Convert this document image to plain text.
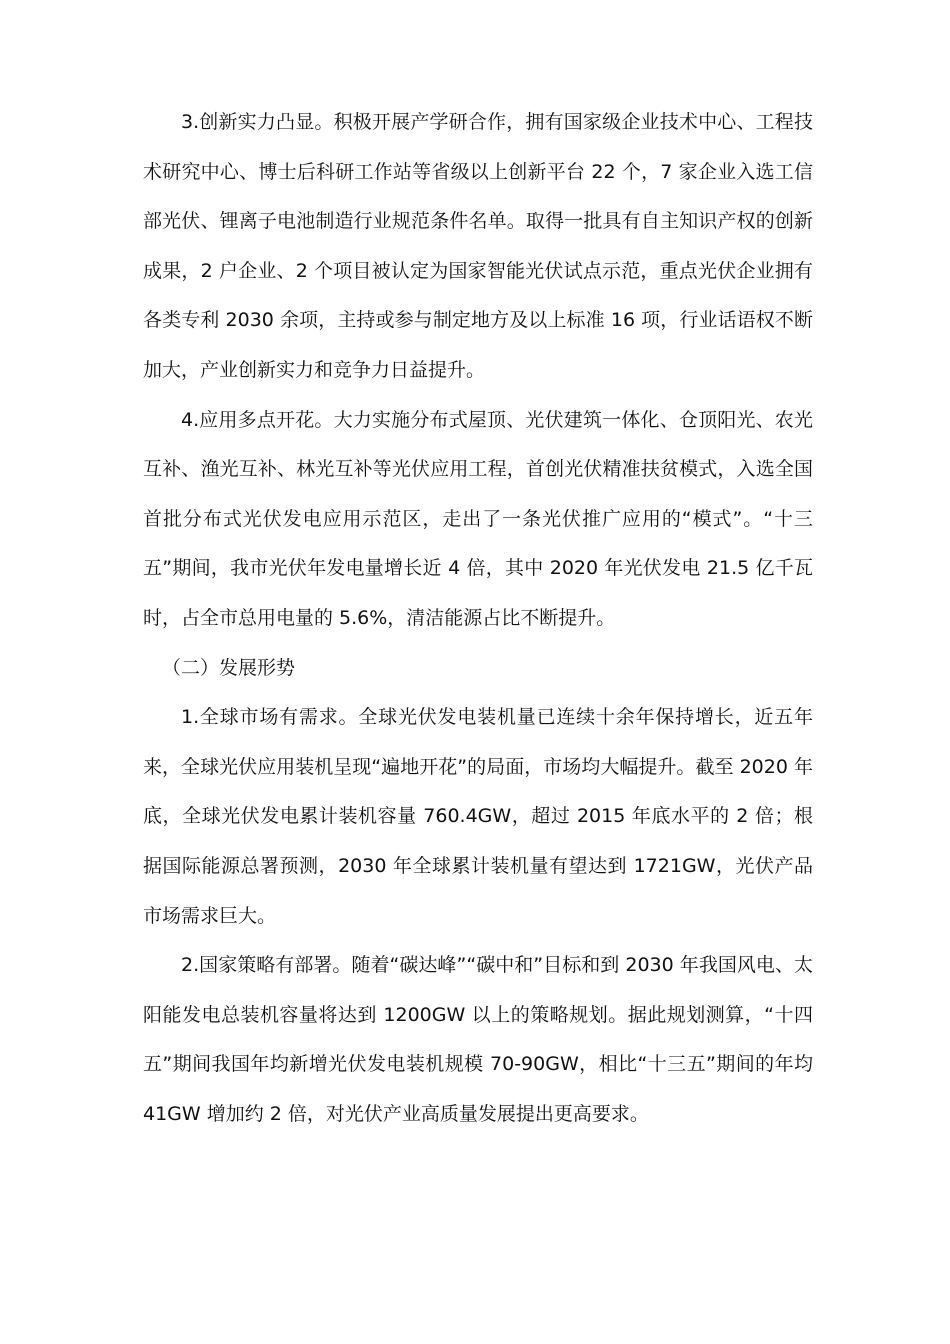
3.创新实力凸显。积极开展产学研合作，拥有国家级企业技术中心、工程技术研究中心、博士后科研工作站等省级以上创新平台 22 个，7 家企业入选工信部光伏、锂离子电池制造行业规范条件名单。取得一批具有自主知识产权的创新成果，2 户企业、2 个项目被认定为国家智能光伏试点示范，重点光伏企业拥有各类专利 2030 余项，主持或参与制定地方及以上标准 16 项，行业话语权不断加大，产业创新实力和竞争力日益提升。

4.应用多点开花。大力实施分布式屋顶、光伏建筑一体化、仓顶阳光、农光互补、渔光互补、林光互补等光伏应用工程，首创光伏精准扶贫模式，入选全国首批分布式光伏发电应用示范区，走出了一条光伏推广应用的“模式”。“十三五”期间，我市光伏年发电量增长近 4 倍，其中 2020 年光伏发电 21.5 亿千瓦时，占全市总用电量的 5.6%，清洁能源占比不断提升。

（二）发展形势

1.全球市场有需求。全球光伏发电装机量已连续十余年保持增长，近五年来，全球光伏应用装机呈现“遍地开花”的局面，市场均大幅提升。截至 2020 年底，全球光伏发电累计装机容量 760.4GW，超过 2015 年底水平的 2 倍；根据国际能源总署预测，2030 年全球累计装机量有望达到 1721GW，光伏产品市场需求巨大。

2.国家策略有部署。随着“碳达峰”“碳中和”目标和到 2030 年我国风电、太阳能发电总装机容量将达到 1200GW 以上的策略规划。据此规划测算，“十四五”期间我国年均新增光伏发电装机规模 70-90GW，相比“十三五”期间的年均 41GW 增加约 2 倍，对光伏产业高质量发展提出更高要求。
